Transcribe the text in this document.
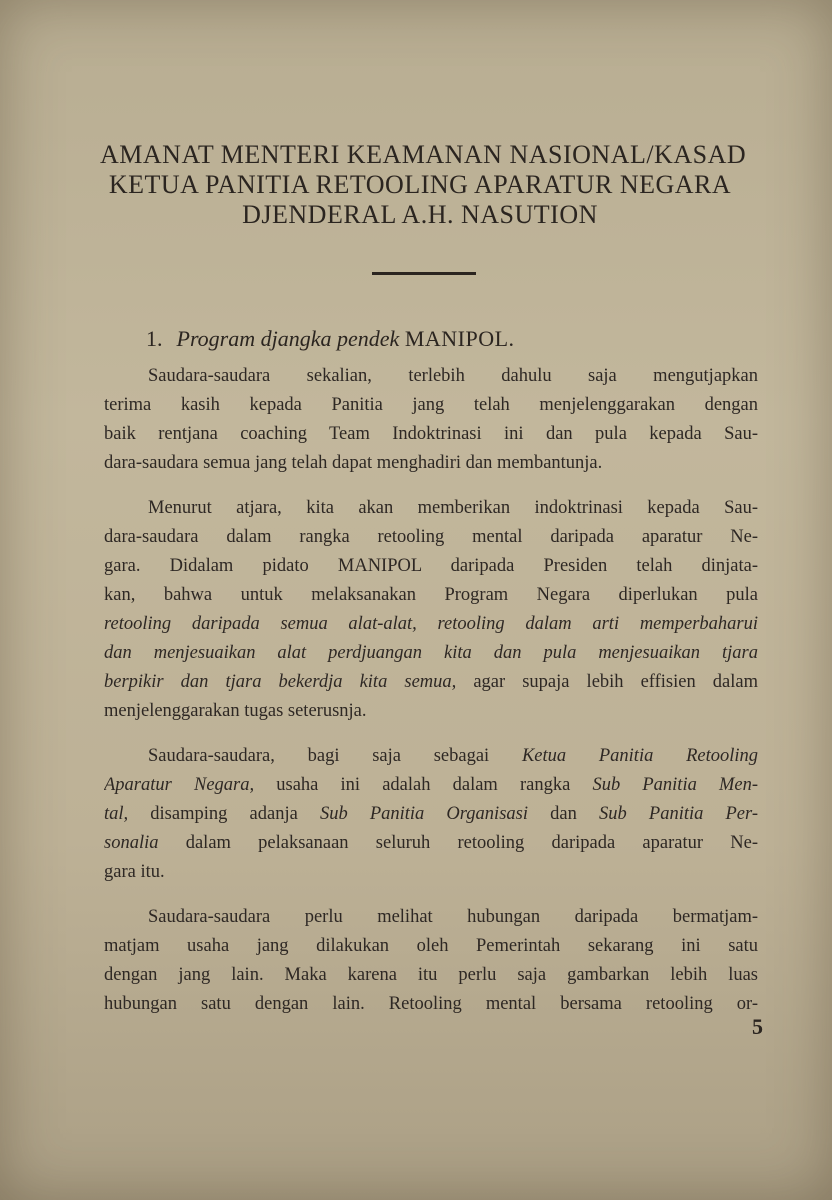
AMANAT MENTERI KEAMANAN NASIONAL/KASAD
KETUA PANITIA RETOOLING APARATUR NEGARA
DJENDERAL A.H. NASUTION
1. Program djangka pendek MANIPOL.
Saudara-saudara sekalian, terlebih dahulu saja mengutjapkan
terima kasih kepada Panitia jang telah menjelenggarakan dengan
baik rentjana coaching Team Indoktrinasi ini dan pula kepada Sau-
dara-saudara semua jang telah dapat menghadiri dan membantunja.
Menurut atjara, kita akan memberikan indoktrinasi kepada Sau-
dara-saudara dalam rangka retooling mental daripada aparatur Ne-
gara. Didalam pidato MANIPOL daripada Presiden telah dinjata-
kan, bahwa untuk melaksanakan Program Negara diperlukan pula
retooling daripada semua alat-alat, retooling dalam arti memperbaharui
dan menjesuaikan alat perdjuangan kita dan pula menjesuaikan tjara
berpikir dan tjara bekerdja kita semua, agar supaja lebih effisien dalam
menjelenggarakan tugas seterusnja.
Saudara-saudara, bagi saja sebagai Ketua Panitia Retooling
Aparatur Negara, usaha ini adalah dalam rangka Sub Panitia Men-
tal, disamping adanja Sub Panitia Organisasi dan Sub Panitia Per-
sonalia dalam pelaksanaan seluruh retooling daripada aparatur Ne-
gara itu.
Saudara-saudara perlu melihat hubungan daripada bermatjam-
matjam usaha jang dilakukan oleh Pemerintah sekarang ini satu
dengan jang lain. Maka karena itu perlu saja gambarkan lebih luas
hubungan satu dengan lain. Retooling mental bersama retooling or-
5
